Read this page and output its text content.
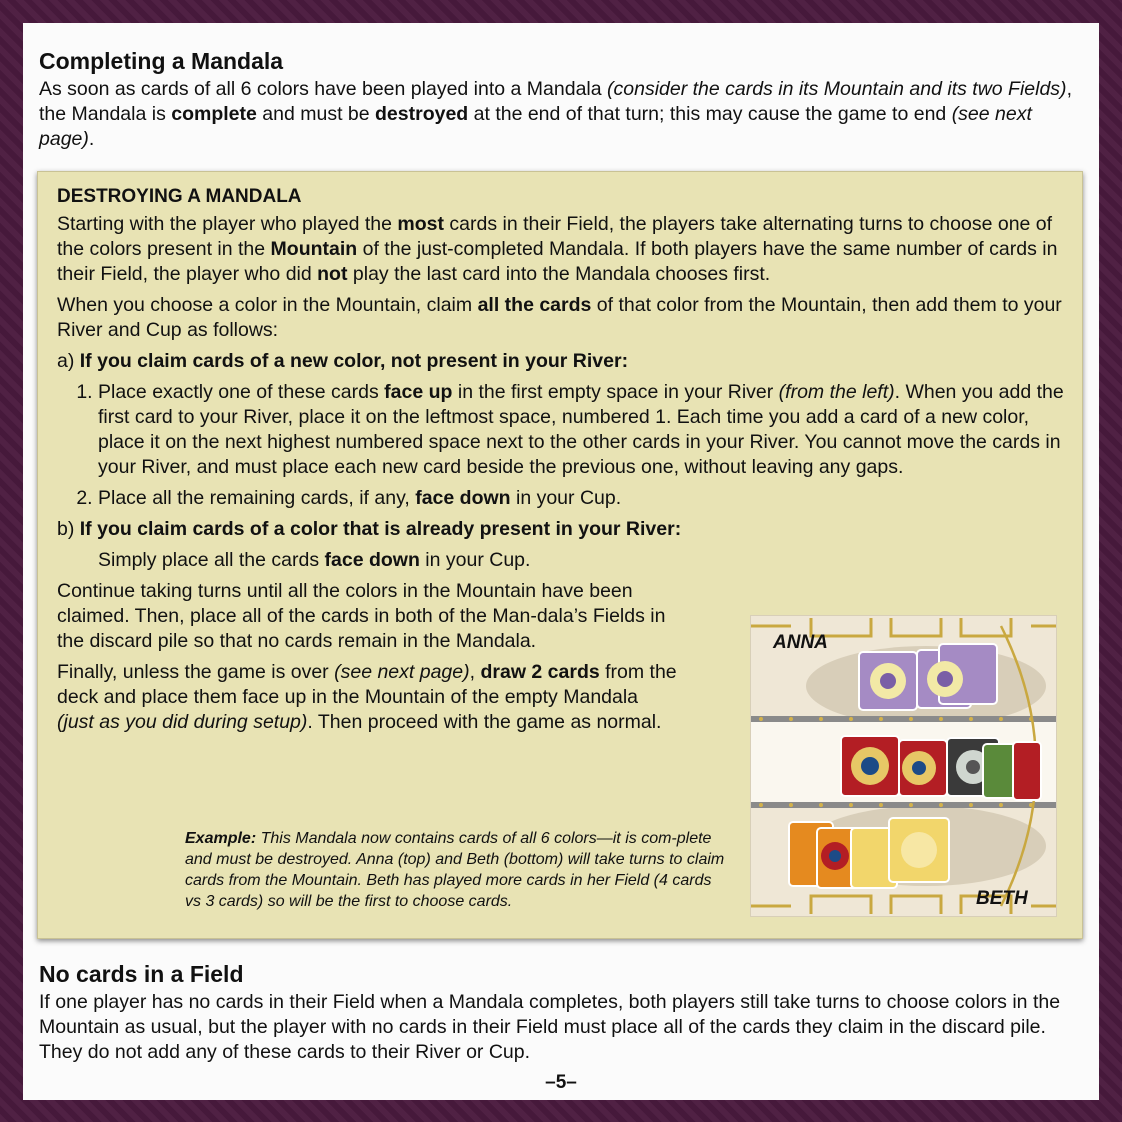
Completing a Mandala

As soon as cards of all 6 colors have been played into a Mandala (consider the cards in its Mountain and its two Fields), the Mandala is complete and must be destroyed at the end of that turn; this may cause the game to end (see next page).

DESTROYING A MANDALA

Starting with the player who played the most cards in their Field, the players take alternating turns to choose one of the colors present in the Mountain of the just-completed Mandala. If both players have the same number of cards in their Field, the player who did not play the last card into the Mandala chooses first.

When you choose a color in the Mountain, claim all the cards of that color from the Mountain, then add them to your River and Cup as follows:

a) If you claim cards of a new color, not present in your River:
1. Place exactly one of these cards face up in the first empty space in your River (from the left). When you add the first card to your River, place it on the leftmost space, numbered 1. Each time you add a card of a new color, place it on the next highest numbered space next to the other cards in your River. You cannot move the cards in your River, and must place each new card beside the previous one, without leaving any gaps.
2. Place all the remaining cards, if any, face down in your Cup.
b) If you claim cards of a color that is already present in your River:
Simply place all the cards face down in your Cup.

Continue taking turns until all the colors in the Mountain have been claimed. Then, place all of the cards in both of the Man-dala’s Fields in the discard pile so that no cards remain in the Mandala.

Finally, unless the game is over (see next page), draw 2 cards from the deck and place them face up in the Mountain of the empty Mandala (just as you did during setup). Then proceed with the game as normal.

Example: This Mandala now contains cards of all 6 colors—it is com-plete and must be destroyed. Anna (top) and Beth (bottom) will take turns to claim cards from the Mountain. Beth has played more cards in her Field (4 cards vs 3 cards) so will be the first to choose cards.
ANNA
BETH
No cards in a Field

If one player has no cards in their Field when a Mandala completes, both players still take turns to choose colors in the Mountain as usual, but the player with no cards in their Field must place all of the cards they claim in the discard pile. They do not add any of these cards to their River or Cup.

–5–
